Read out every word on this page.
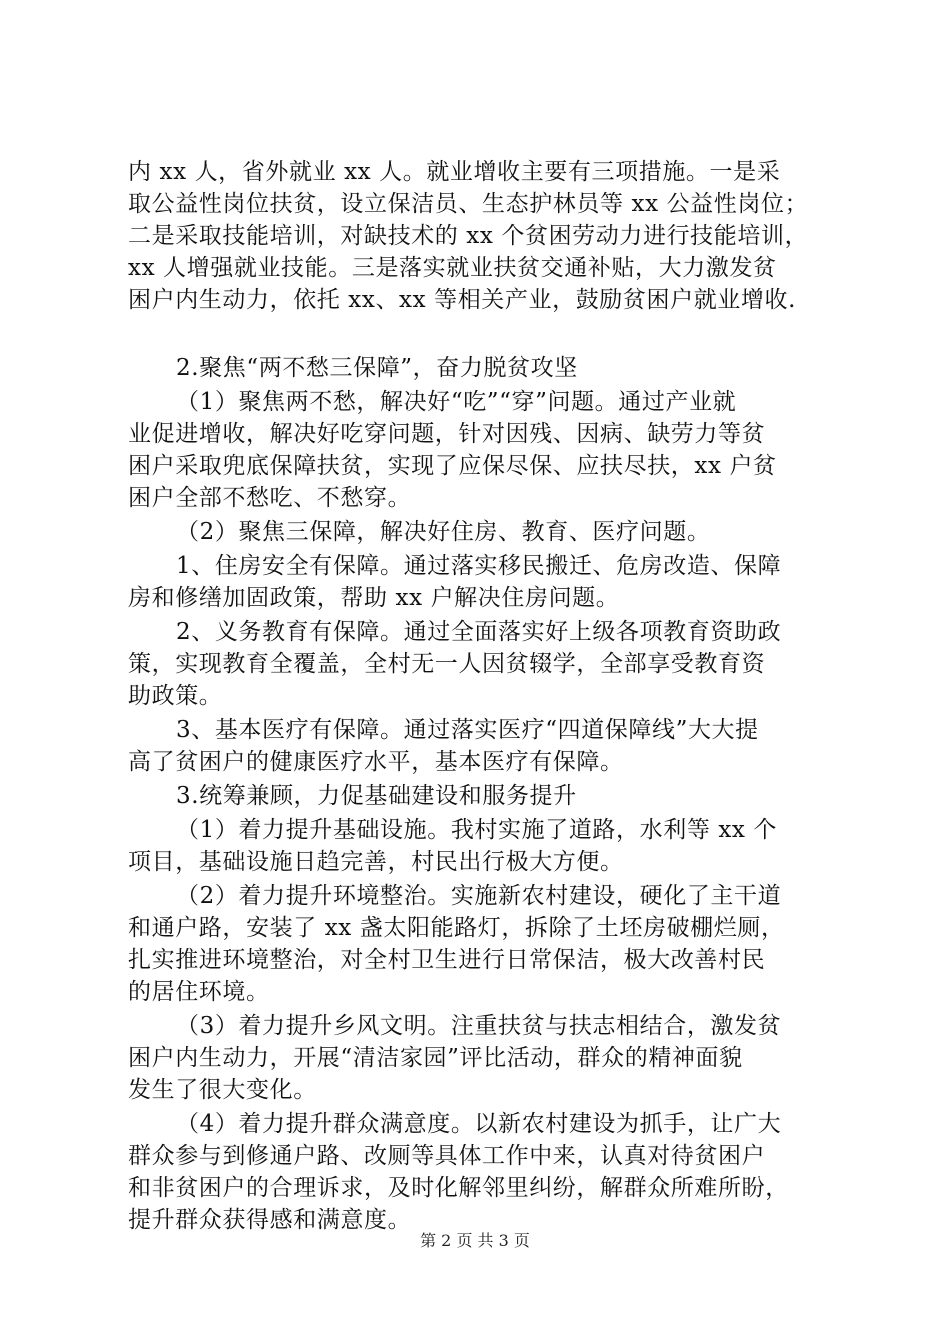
内 xx 人，省外就业 xx 人。就业增收主要有三项措施。一是采
取公益性岗位扶贫，设立保洁员、生态护林员等 xx 公益性岗位；
二是采取技能培训，对缺技术的 xx 个贫困劳动力进行技能培训，
xx 人增强就业技能。三是落实就业扶贫交通补贴，大力激发贫
困户内生动力，依托 xx、xx 等相关产业，鼓励贫困户就业增收.
2.聚焦“两不愁三保障”，奋力脱贫攻坚
（1）聚焦两不愁，解决好“吃”“穿”问题。通过产业就
业促进增收，解决好吃穿问题，针对因残、因病、缺劳力等贫
困户采取兜底保障扶贫，实现了应保尽保、应扶尽扶，xx 户贫
困户全部不愁吃、不愁穿。
（2）聚焦三保障，解决好住房、教育、医疗问题。
1、住房安全有保障。通过落实移民搬迁、危房改造、保障
房和修缮加固政策，帮助 xx 户解决住房问题。
2、义务教育有保障。通过全面落实好上级各项教育资助政
策，实现教育全覆盖，全村无一人因贫辍学，全部享受教育资
助政策。
3、基本医疗有保障。通过落实医疗“四道保障线”大大提
高了贫困户的健康医疗水平，基本医疗有保障。
3.统筹兼顾，力促基础建设和服务提升
（1）着力提升基础设施。我村实施了道路，水利等 xx 个
项目，基础设施日趋完善，村民出行极大方便。
（2）着力提升环境整治。实施新农村建设，硬化了主干道
和通户路，安装了 xx 盏太阳能路灯，拆除了土坯房破棚烂厕，
扎实推进环境整治，对全村卫生进行日常保洁，极大改善村民
的居住环境。
（3）着力提升乡风文明。注重扶贫与扶志相结合，激发贫
困户内生动力，开展“清洁家园”评比活动，群众的精神面貌
发生了很大变化。
（4）着力提升群众满意度。以新农村建设为抓手，让广大
群众参与到修通户路、改厕等具体工作中来，认真对待贫困户
和非贫困户的合理诉求，及时化解邻里纠纷，解群众所难所盼，
提升群众获得感和满意度。
第 2 页 共 3 页
